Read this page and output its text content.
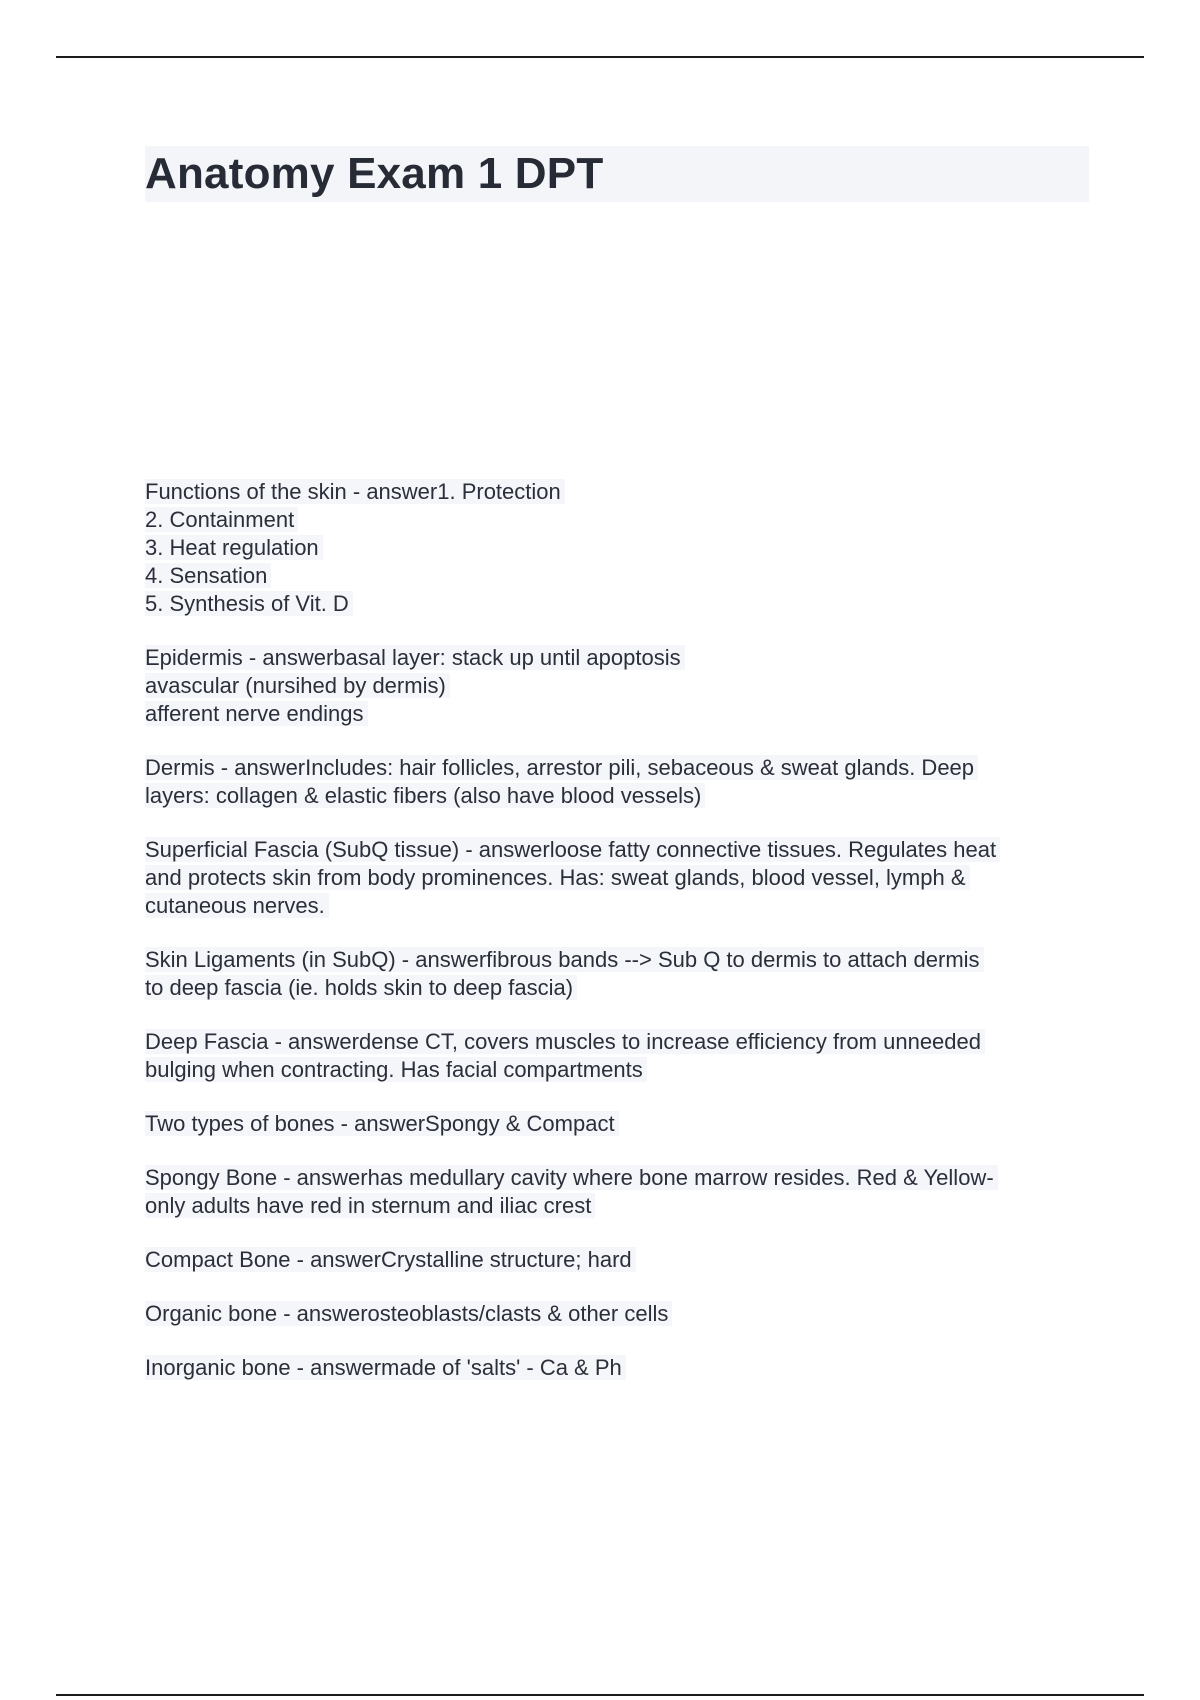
Anatomy Exam 1 DPT
Functions of the skin - answer1. Protection
2. Containment
3. Heat regulation
4. Sensation
5. Synthesis of Vit. D
Epidermis - answerbasal layer: stack up until apoptosis
avascular (nursihed by dermis)
afferent nerve endings
Dermis - answerIncludes: hair follicles, arrestor pili, sebaceous & sweat glands. Deep
layers: collagen & elastic fibers (also have blood vessels)
Superficial Fascia (SubQ tissue) - answerloose fatty connective tissues. Regulates heat
and protects skin from body prominences. Has: sweat glands, blood vessel, lymph &
cutaneous nerves.
Skin Ligaments (in SubQ) - answerfibrous bands --> Sub Q to dermis to attach dermis
to deep fascia (ie. holds skin to deep fascia)
Deep Fascia - answerdense CT, covers muscles to increase efficiency from unneeded
bulging when contracting. Has facial compartments
Two types of bones - answerSpongy & Compact
Spongy Bone - answerhas medullary cavity where bone marrow resides. Red & Yellow-
only adults have red in sternum and iliac crest
Compact Bone - answerCrystalline structure; hard
Organic bone - answerosteoblasts/clasts & other cells
Inorganic bone - answermade of 'salts' - Ca & Ph
